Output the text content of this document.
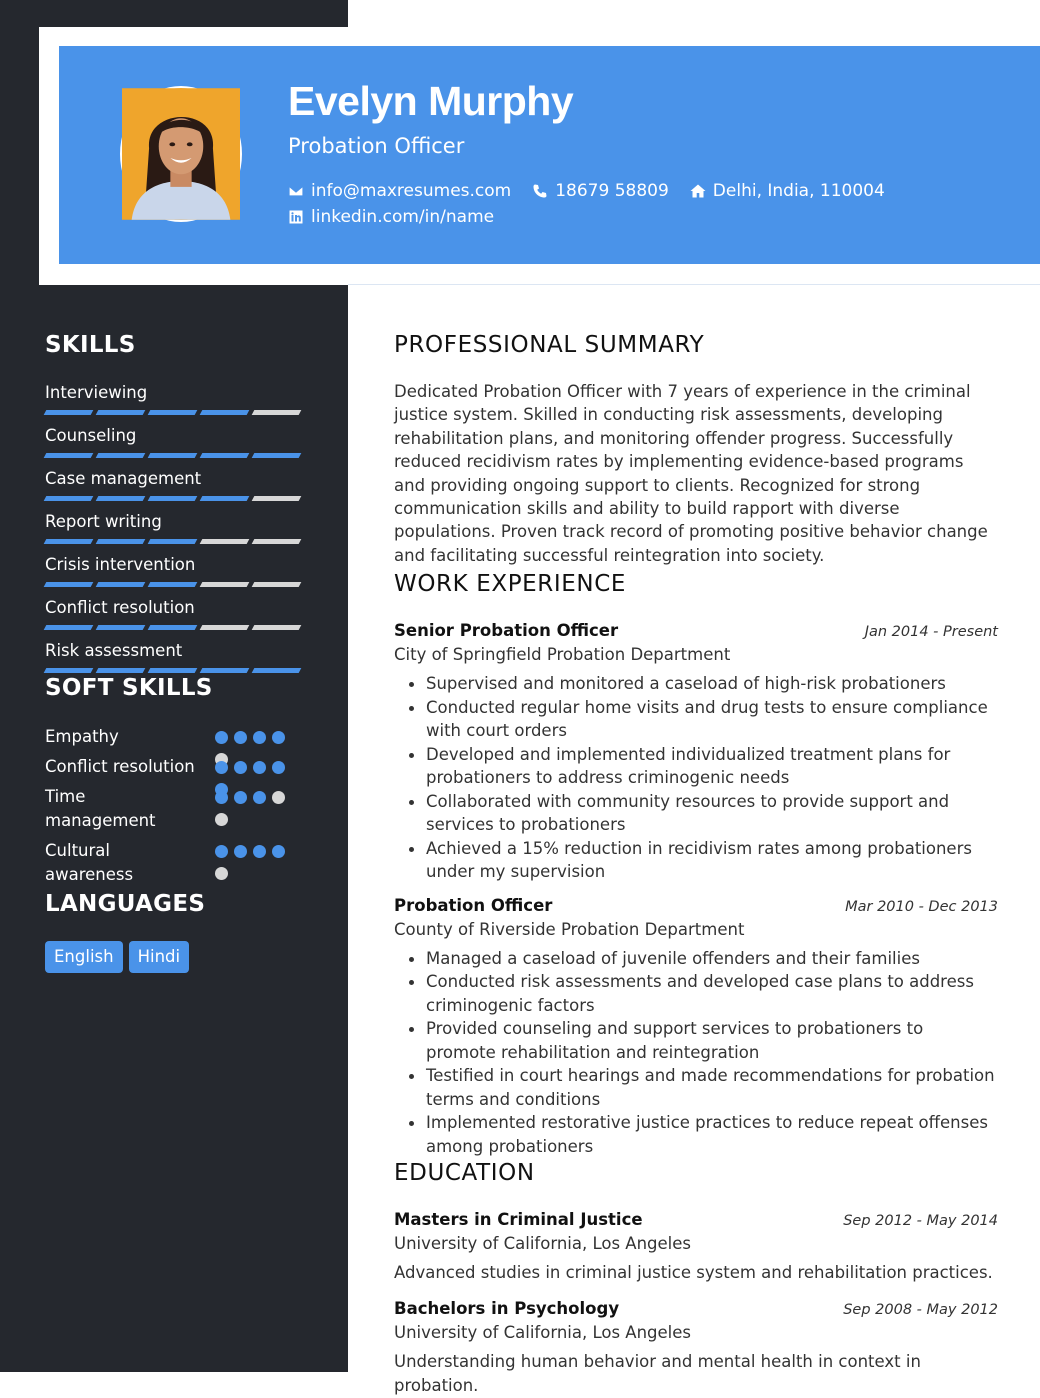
Evelyn Murphy
Probation Officer
info@maxresumes.com	18679 58809	Delhi, India, 110004
linkedin.com/in/name
SKILLS
Interviewing
Counseling
Case management
Report writing
Crisis intervention
Conflict resolution
Risk assessment
SOFT SKILLS
Empathy
Conflict resolution
Time management
Cultural awareness
LANGUAGES
English	Hindi
PROFESSIONAL SUMMARY

Dedicated Probation Officer with 7 years of experience in the criminal justice system. Skilled in conducting risk assessments, developing rehabilitation plans, and monitoring offender progress. Successfully reduced recidivism rates by implementing evidence-based programs and providing ongoing support to clients. Recognized for strong communication skills and ability to build rapport with diverse populations. Proven track record of promoting positive behavior change and facilitating successful reintegration into society.

WORK EXPERIENCE
Senior Probation Officer	Jan 2014 - Present
City of Springfield Probation Department
Supervised and monitored a caseload of high-risk probationers
Conducted regular home visits and drug tests to ensure compliance with court orders
Developed and implemented individualized treatment plans for probationers to address criminogenic needs
Collaborated with community resources to provide support and services to probationers
Achieved a 15% reduction in recidivism rates among probationers under my supervision
Probation Officer	Mar 2010 - Dec 2013
County of Riverside Probation Department
Managed a caseload of juvenile offenders and their families
Conducted risk assessments and developed case plans to address criminogenic factors
Provided counseling and support services to probationers to promote rehabilitation and reintegration
Testified in court hearings and made recommendations for probation terms and conditions
Implemented restorative justice practices to reduce repeat offenses among probationers
EDUCATION
Masters in Criminal Justice	Sep 2012 - May 2014
University of California, Los Angeles
Advanced studies in criminal justice system and rehabilitation practices.
Bachelors in Psychology	Sep 2008 - May 2012
University of California, Los Angeles
Understanding human behavior and mental health in context in probation.
